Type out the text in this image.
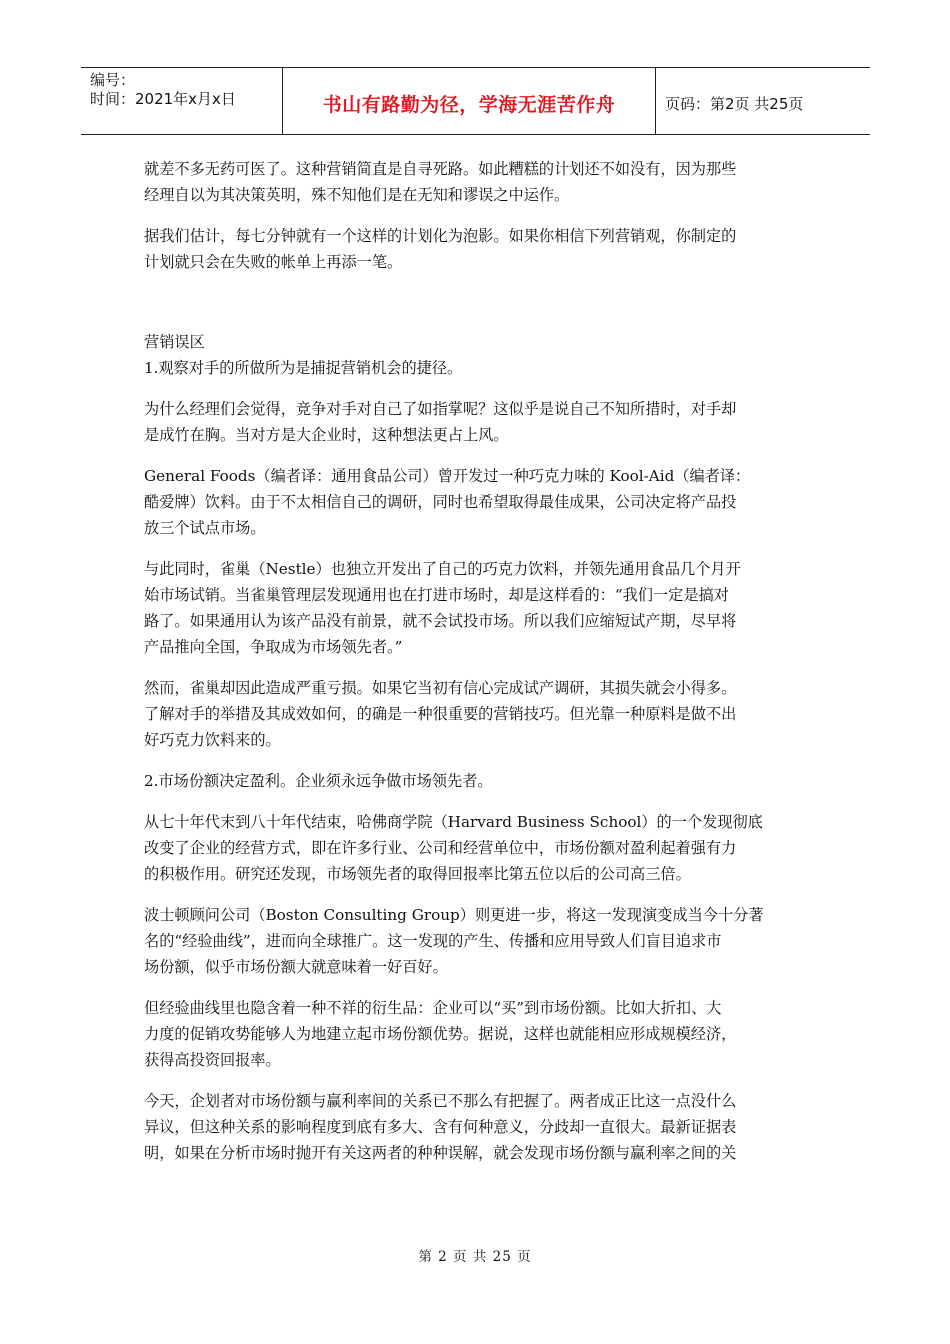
编号：
时间：2021年x月x日	书山有路勤为径，学海无涯苦作舟	页码：第2页 共25页

就差不多无药可医了。这种营销简直是自寻死路。如此糟糕的计划还不如没有，因为那些
经理自以为其决策英明，殊不知他们是在无知和谬误之中运作。

据我们估计，每七分钟就有一个这样的计划化为泡影。如果你相信下列营销观，你制定的
计划就只会在失败的帐单上再添一笔。

营销误区

1.观察对手的所做所为是捕捉营销机会的捷径。

为什么经理们会觉得，竞争对手对自己了如指掌呢？这似乎是说自己不知所措时，对手却
是成竹在胸。当对方是大企业时，这种想法更占上风。

General Foods（编者译：通用食品公司）曾开发过一种巧克力味的 Kool-Aid（编者译：
酷爱牌）饮料。由于不太相信自己的调研，同时也希望取得最佳成果，公司决定将产品投
放三个试点市场。

与此同时，雀巢（Nestle）也独立开发出了自己的巧克力饮料，并领先通用食品几个月开
始市场试销。当雀巢管理层发现通用也在打进市场时，却是这样看的：“我们一定是搞对
路了。如果通用认为该产品没有前景，就不会试投市场。所以我们应缩短试产期，尽早将
产品推向全国，争取成为市场领先者。”

然而，雀巢却因此造成严重亏损。如果它当初有信心完成试产调研，其损失就会小得多。
了解对手的举措及其成效如何，的确是一种很重要的营销技巧。但光靠一种原料是做不出
好巧克力饮料来的。

2.市场份额决定盈利。企业须永远争做市场领先者。

从七十年代末到八十年代结束，哈佛商学院（Harvard Business School）的一个发现彻底
改变了企业的经营方式，即在许多行业、公司和经营单位中，市场份额对盈利起着强有力
的积极作用。研究还发现，市场领先者的取得回报率比第五位以后的公司高三倍。

波士顿顾问公司（Boston Consulting Group）则更进一步，将这一发现演变成当今十分著
名的“经验曲线”，进而向全球推广。这一发现的产生、传播和应用导致人们盲目追求市
场份额，似乎市场份额大就意味着一好百好。

但经验曲线里也隐含着一种不祥的衍生品：企业可以“买”到市场份额。比如大折扣、大
力度的促销攻势能够人为地建立起市场份额优势。据说，这样也就能相应形成规模经济，
获得高投资回报率。

今天，企划者对市场份额与赢利率间的关系已不那么有把握了。两者成正比这一点没什么
异议，但这种关系的影响程度到底有多大、含有何种意义，分歧却一直很大。最新证据表
明，如果在分析市场时抛开有关这两者的种种误解，就会发现市场份额与赢利率之间的关

第 2 页 共 25 页
